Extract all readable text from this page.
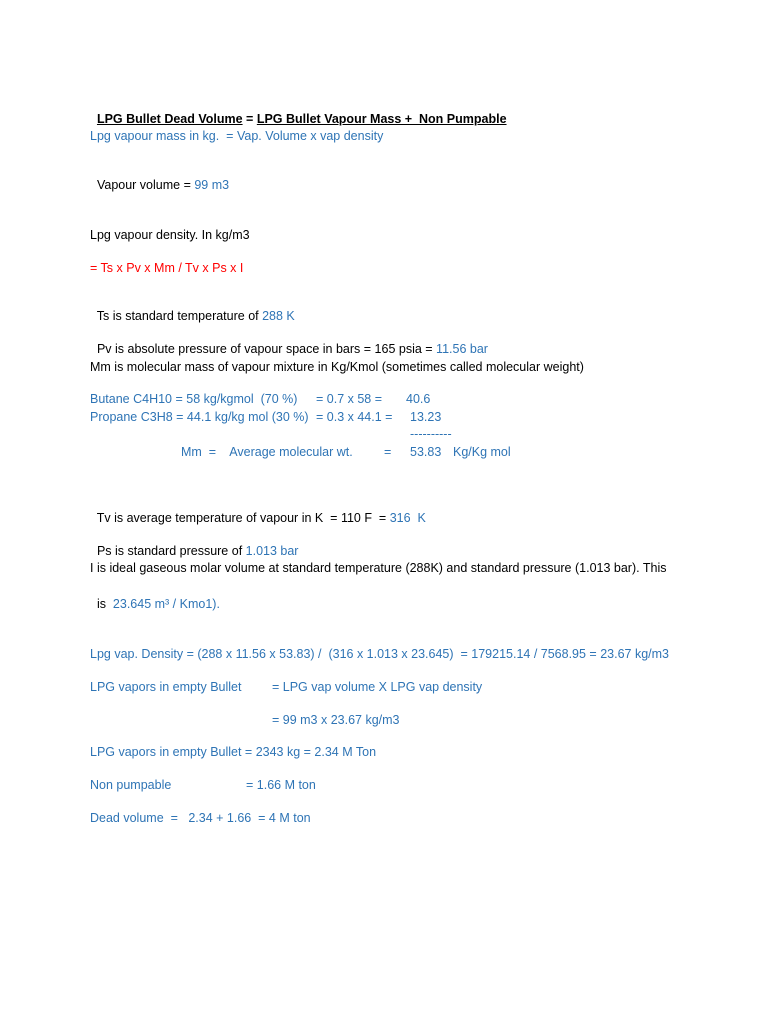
LPG Bullet Dead Volume = LPG Bullet Vapour Mass +  Non Pumpable

Lpg vapour mass in kg.  = Vap. Volume x vap density

Vapour volume = 99 m3

Lpg vapour density. In kg/m3
= Ts x Pv x Mm / Tv x Ps x I

Ts is standard temperature of 288 K

Pv is absolute pressure of vapour space in bars = 165 psia = 11.56 bar

Mm is molecular mass of vapour mixture in Kg/Kmol (sometimes called molecular weight)
Butane C4H10 = 58 kg/kgmol  (70 %) = 0.7 x 58 = 40.6
Propane C3H8 = 44.1 kg/kg mol (30 %) = 0.3 x 44.1 = 13.23
----------
Mm  =    Average molecular wt.	= 53.83 Kg/Kg mol

Tv is average temperature of vapour in K  = 110 F  = 316  K

Ps is standard pressure of 1.013 bar

I is ideal gaseous molar volume at standard temperature (288K) and standard pressure (1.013 bar). This

is  23.645 m³ / Kmo1).

Lpg vap. Density = (288 x 11.56 x 53.83) /  (316 x 1.013 x 23.645)  = 179215.14 / 7568.95 = 23.67 kg/m3
LPG vapors in empty Bullet = LPG vap volume X LPG vap density
= 99 m3 x 23.67 kg/m3
LPG vapors in empty Bullet = 2343 kg = 2.34 M Ton
Non pumpable	= 1.66 M ton
Dead volume  =   2.34 + 1.66  = 4 M ton
